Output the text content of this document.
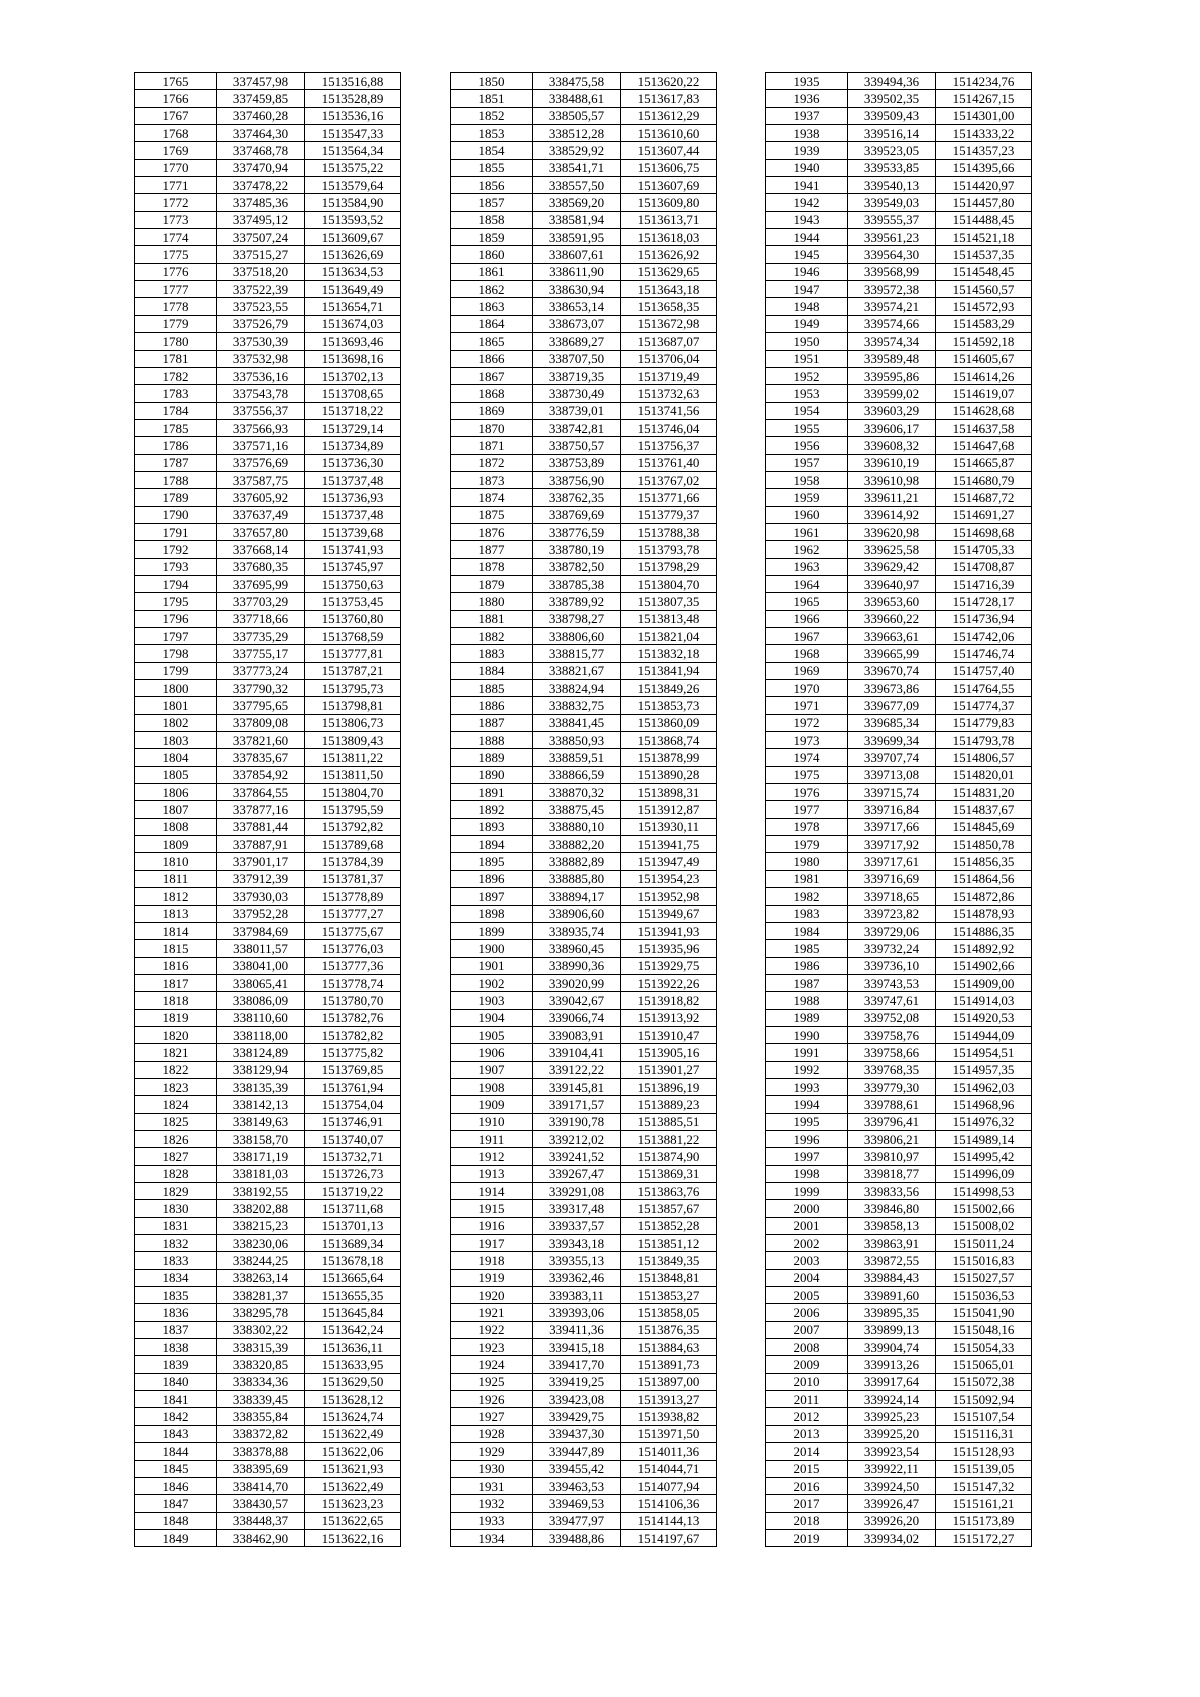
1765	337457,98	1513516,88
1766	337459,85	1513528,89
1767	337460,28	1513536,16
1768	337464,30	1513547,33
1769	337468,78	1513564,34
1770	337470,94	1513575,22
1771	337478,22	1513579,64
1772	337485,36	1513584,90
1773	337495,12	1513593,52
1774	337507,24	1513609,67
1775	337515,27	1513626,69
1776	337518,20	1513634,53
1777	337522,39	1513649,49
1778	337523,55	1513654,71
1779	337526,79	1513674,03
1780	337530,39	1513693,46
1781	337532,98	1513698,16
1782	337536,16	1513702,13
1783	337543,78	1513708,65
1784	337556,37	1513718,22
1785	337566,93	1513729,14
1786	337571,16	1513734,89
1787	337576,69	1513736,30
1788	337587,75	1513737,48
1789	337605,92	1513736,93
1790	337637,49	1513737,48
1791	337657,80	1513739,68
1792	337668,14	1513741,93
1793	337680,35	1513745,97
1794	337695,99	1513750,63
1795	337703,29	1513753,45
1796	337718,66	1513760,80
1797	337735,29	1513768,59
1798	337755,17	1513777,81
1799	337773,24	1513787,21
1800	337790,32	1513795,73
1801	337795,65	1513798,81
1802	337809,08	1513806,73
1803	337821,60	1513809,43
1804	337835,67	1513811,22
1805	337854,92	1513811,50
1806	337864,55	1513804,70
1807	337877,16	1513795,59
1808	337881,44	1513792,82
1809	337887,91	1513789,68
1810	337901,17	1513784,39
1811	337912,39	1513781,37
1812	337930,03	1513778,89
1813	337952,28	1513777,27
1814	337984,69	1513775,67
1815	338011,57	1513776,03
1816	338041,00	1513777,36
1817	338065,41	1513778,74
1818	338086,09	1513780,70
1819	338110,60	1513782,76
1820	338118,00	1513782,82
1821	338124,89	1513775,82
1822	338129,94	1513769,85
1823	338135,39	1513761,94
1824	338142,13	1513754,04
1825	338149,63	1513746,91
1826	338158,70	1513740,07
1827	338171,19	1513732,71
1828	338181,03	1513726,73
1829	338192,55	1513719,22
1830	338202,88	1513711,68
1831	338215,23	1513701,13
1832	338230,06	1513689,34
1833	338244,25	1513678,18
1834	338263,14	1513665,64
1835	338281,37	1513655,35
1836	338295,78	1513645,84
1837	338302,22	1513642,24
1838	338315,39	1513636,11
1839	338320,85	1513633,95
1840	338334,36	1513629,50
1841	338339,45	1513628,12
1842	338355,84	1513624,74
1843	338372,82	1513622,49
1844	338378,88	1513622,06
1845	338395,69	1513621,93
1846	338414,70	1513622,49
1847	338430,57	1513623,23
1848	338448,37	1513622,65
1849	338462,90	1513622,16
1850	338475,58	1513620,22
1851	338488,61	1513617,83
1852	338505,57	1513612,29
1853	338512,28	1513610,60
1854	338529,92	1513607,44
1855	338541,71	1513606,75
1856	338557,50	1513607,69
1857	338569,20	1513609,80
1858	338581,94	1513613,71
1859	338591,95	1513618,03
1860	338607,61	1513626,92
1861	338611,90	1513629,65
1862	338630,94	1513643,18
1863	338653,14	1513658,35
1864	338673,07	1513672,98
1865	338689,27	1513687,07
1866	338707,50	1513706,04
1867	338719,35	1513719,49
1868	338730,49	1513732,63
1869	338739,01	1513741,56
1870	338742,81	1513746,04
1871	338750,57	1513756,37
1872	338753,89	1513761,40
1873	338756,90	1513767,02
1874	338762,35	1513771,66
1875	338769,69	1513779,37
1876	338776,59	1513788,38
1877	338780,19	1513793,78
1878	338782,50	1513798,29
1879	338785,38	1513804,70
1880	338789,92	1513807,35
1881	338798,27	1513813,48
1882	338806,60	1513821,04
1883	338815,77	1513832,18
1884	338821,67	1513841,94
1885	338824,94	1513849,26
1886	338832,75	1513853,73
1887	338841,45	1513860,09
1888	338850,93	1513868,74
1889	338859,51	1513878,99
1890	338866,59	1513890,28
1891	338870,32	1513898,31
1892	338875,45	1513912,87
1893	338880,10	1513930,11
1894	338882,20	1513941,75
1895	338882,89	1513947,49
1896	338885,80	1513954,23
1897	338894,17	1513952,98
1898	338906,60	1513949,67
1899	338935,74	1513941,93
1900	338960,45	1513935,96
1901	338990,36	1513929,75
1902	339020,99	1513922,26
1903	339042,67	1513918,82
1904	339066,74	1513913,92
1905	339083,91	1513910,47
1906	339104,41	1513905,16
1907	339122,22	1513901,27
1908	339145,81	1513896,19
1909	339171,57	1513889,23
1910	339190,78	1513885,51
1911	339212,02	1513881,22
1912	339241,52	1513874,90
1913	339267,47	1513869,31
1914	339291,08	1513863,76
1915	339317,48	1513857,67
1916	339337,57	1513852,28
1917	339343,18	1513851,12
1918	339355,13	1513849,35
1919	339362,46	1513848,81
1920	339383,11	1513853,27
1921	339393,06	1513858,05
1922	339411,36	1513876,35
1923	339415,18	1513884,63
1924	339417,70	1513891,73
1925	339419,25	1513897,00
1926	339423,08	1513913,27
1927	339429,75	1513938,82
1928	339437,30	1513971,50
1929	339447,89	1514011,36
1930	339455,42	1514044,71
1931	339463,53	1514077,94
1932	339469,53	1514106,36
1933	339477,97	1514144,13
1934	339488,86	1514197,67
1935	339494,36	1514234,76
1936	339502,35	1514267,15
1937	339509,43	1514301,00
1938	339516,14	1514333,22
1939	339523,05	1514357,23
1940	339533,85	1514395,66
1941	339540,13	1514420,97
1942	339549,03	1514457,80
1943	339555,37	1514488,45
1944	339561,23	1514521,18
1945	339564,30	1514537,35
1946	339568,99	1514548,45
1947	339572,38	1514560,57
1948	339574,21	1514572,93
1949	339574,66	1514583,29
1950	339574,34	1514592,18
1951	339589,48	1514605,67
1952	339595,86	1514614,26
1953	339599,02	1514619,07
1954	339603,29	1514628,68
1955	339606,17	1514637,58
1956	339608,32	1514647,68
1957	339610,19	1514665,87
1958	339610,98	1514680,79
1959	339611,21	1514687,72
1960	339614,92	1514691,27
1961	339620,98	1514698,68
1962	339625,58	1514705,33
1963	339629,42	1514708,87
1964	339640,97	1514716,39
1965	339653,60	1514728,17
1966	339660,22	1514736,94
1967	339663,61	1514742,06
1968	339665,99	1514746,74
1969	339670,74	1514757,40
1970	339673,86	1514764,55
1971	339677,09	1514774,37
1972	339685,34	1514779,83
1973	339699,34	1514793,78
1974	339707,74	1514806,57
1975	339713,08	1514820,01
1976	339715,74	1514831,20
1977	339716,84	1514837,67
1978	339717,66	1514845,69
1979	339717,92	1514850,78
1980	339717,61	1514856,35
1981	339716,69	1514864,56
1982	339718,65	1514872,86
1983	339723,82	1514878,93
1984	339729,06	1514886,35
1985	339732,24	1514892,92
1986	339736,10	1514902,66
1987	339743,53	1514909,00
1988	339747,61	1514914,03
1989	339752,08	1514920,53
1990	339758,76	1514944,09
1991	339758,66	1514954,51
1992	339768,35	1514957,35
1993	339779,30	1514962,03
1994	339788,61	1514968,96
1995	339796,41	1514976,32
1996	339806,21	1514989,14
1997	339810,97	1514995,42
1998	339818,77	1514996,09
1999	339833,56	1514998,53
2000	339846,80	1515002,66
2001	339858,13	1515008,02
2002	339863,91	1515011,24
2003	339872,55	1515016,83
2004	339884,43	1515027,57
2005	339891,60	1515036,53
2006	339895,35	1515041,90
2007	339899,13	1515048,16
2008	339904,74	1515054,33
2009	339913,26	1515065,01
2010	339917,64	1515072,38
2011	339924,14	1515092,94
2012	339925,23	1515107,54
2013	339925,20	1515116,31
2014	339923,54	1515128,93
2015	339922,11	1515139,05
2016	339924,50	1515147,32
2017	339926,47	1515161,21
2018	339926,20	1515173,89
2019	339934,02	1515172,27
